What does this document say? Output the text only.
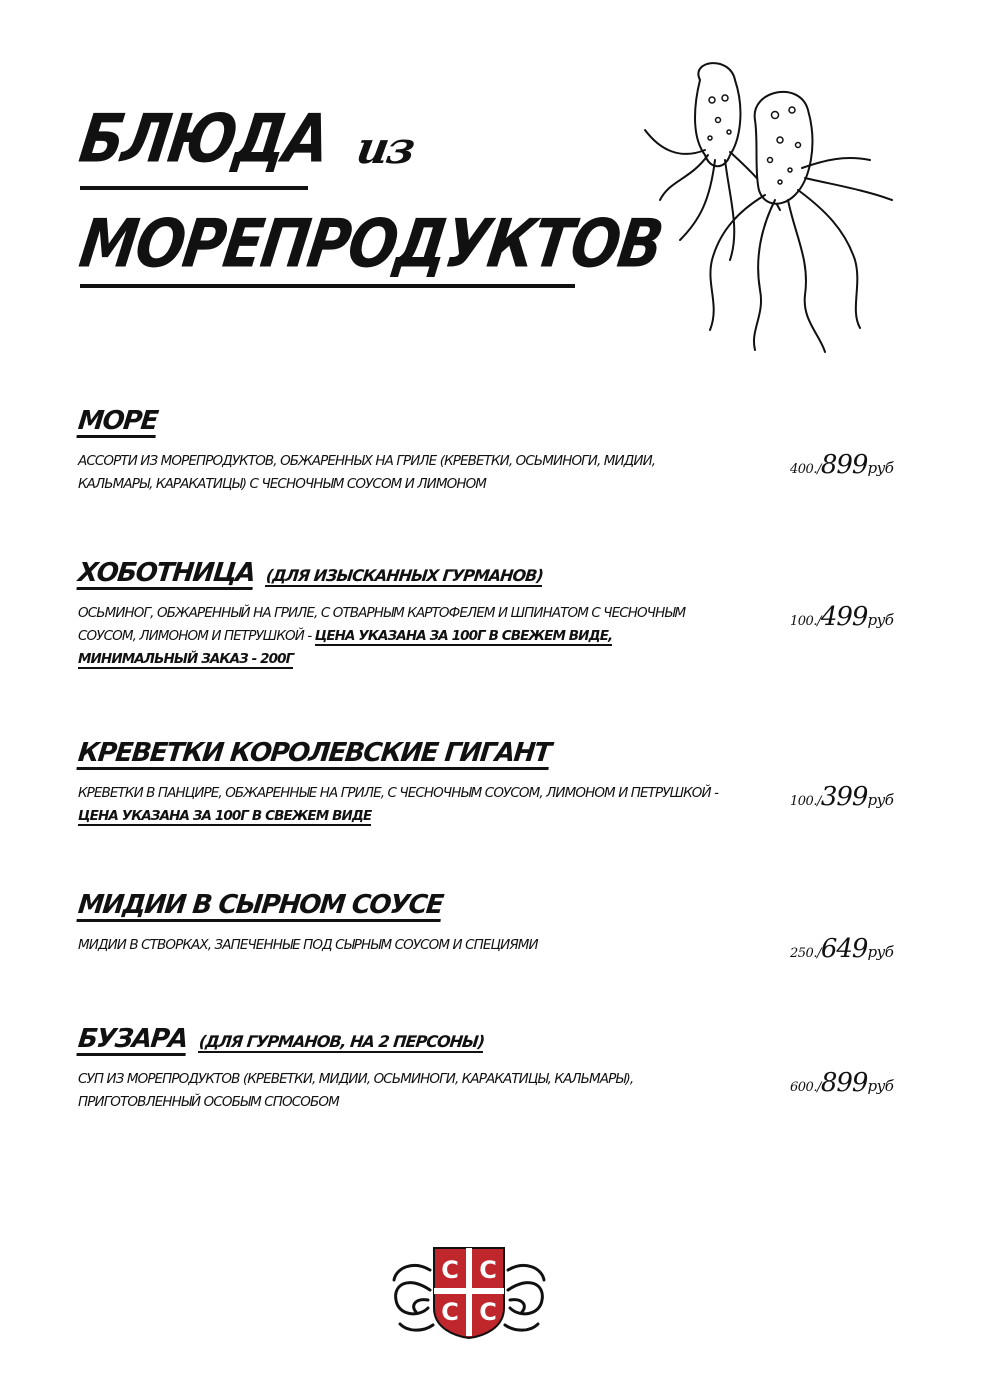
БЛЮДА из
МОРЕПРОДУКТОВ
МОРЕ
АССОРТИ ИЗ МОРЕПРОДУКТОВ, ОБЖАРЕННЫХ НА ГРИЛЕ (КРЕВЕТКИ, ОСЬМИНОГИ, МИДИИ, КАЛЬМАРЫ, КАРАКАТИЦЫ) С ЧЕСНОЧНЫМ СОУСОМ И ЛИМОНОМ
400./899руб
ХОБОТНИЦА (ДЛЯ ИЗЫСКАННЫХ ГУРМАНОВ)
ОСЬМИНОГ, ОБЖАРЕННЫЙ НА ГРИЛЕ, С ОТВАРНЫМ КАРТОФЕЛЕМ И ШПИНАТОМ С ЧЕСНОЧНЫМ СОУСОМ, ЛИМОНОМ И ПЕТРУШКОЙ - ЦЕНА УКАЗАНА ЗА 100Г В СВЕЖЕМ ВИДЕ, МИНИМАЛЬНЫЙ ЗАКАЗ - 200Г
100./499руб
КРЕВЕТКИ КОРОЛЕВСКИЕ ГИГАНТ
КРЕВЕТКИ В ПАНЦИРЕ, ОБЖАРЕННЫЕ НА ГРИЛЕ, С ЧЕСНОЧНЫМ СОУСОМ, ЛИМОНОМ И ПЕТРУШКОЙ - ЦЕНА УКАЗАНА ЗА 100Г В СВЕЖЕМ ВИДЕ
100./399руб
МИДИИ В СЫРНОМ СОУСЕ
МИДИИ В СТВОРКАХ, ЗАПЕЧЕННЫЕ ПОД СЫРНЫМ СОУСОМ И СПЕЦИЯМИ
250./649руб
БУЗАРА (ДЛЯ ГУРМАНОВ, НА 2 ПЕРСОНЫ)
СУП ИЗ МОРЕПРОДУКТОВ (КРЕВЕТКИ, МИДИИ, ОСЬМИНОГИ, КАРАКАТИЦЫ, КАЛЬМАРЫ), ПРИГОТОВЛЕННЫЙ ОСОБЫМ СПОСОБОМ
600./899руб
С С
С С
